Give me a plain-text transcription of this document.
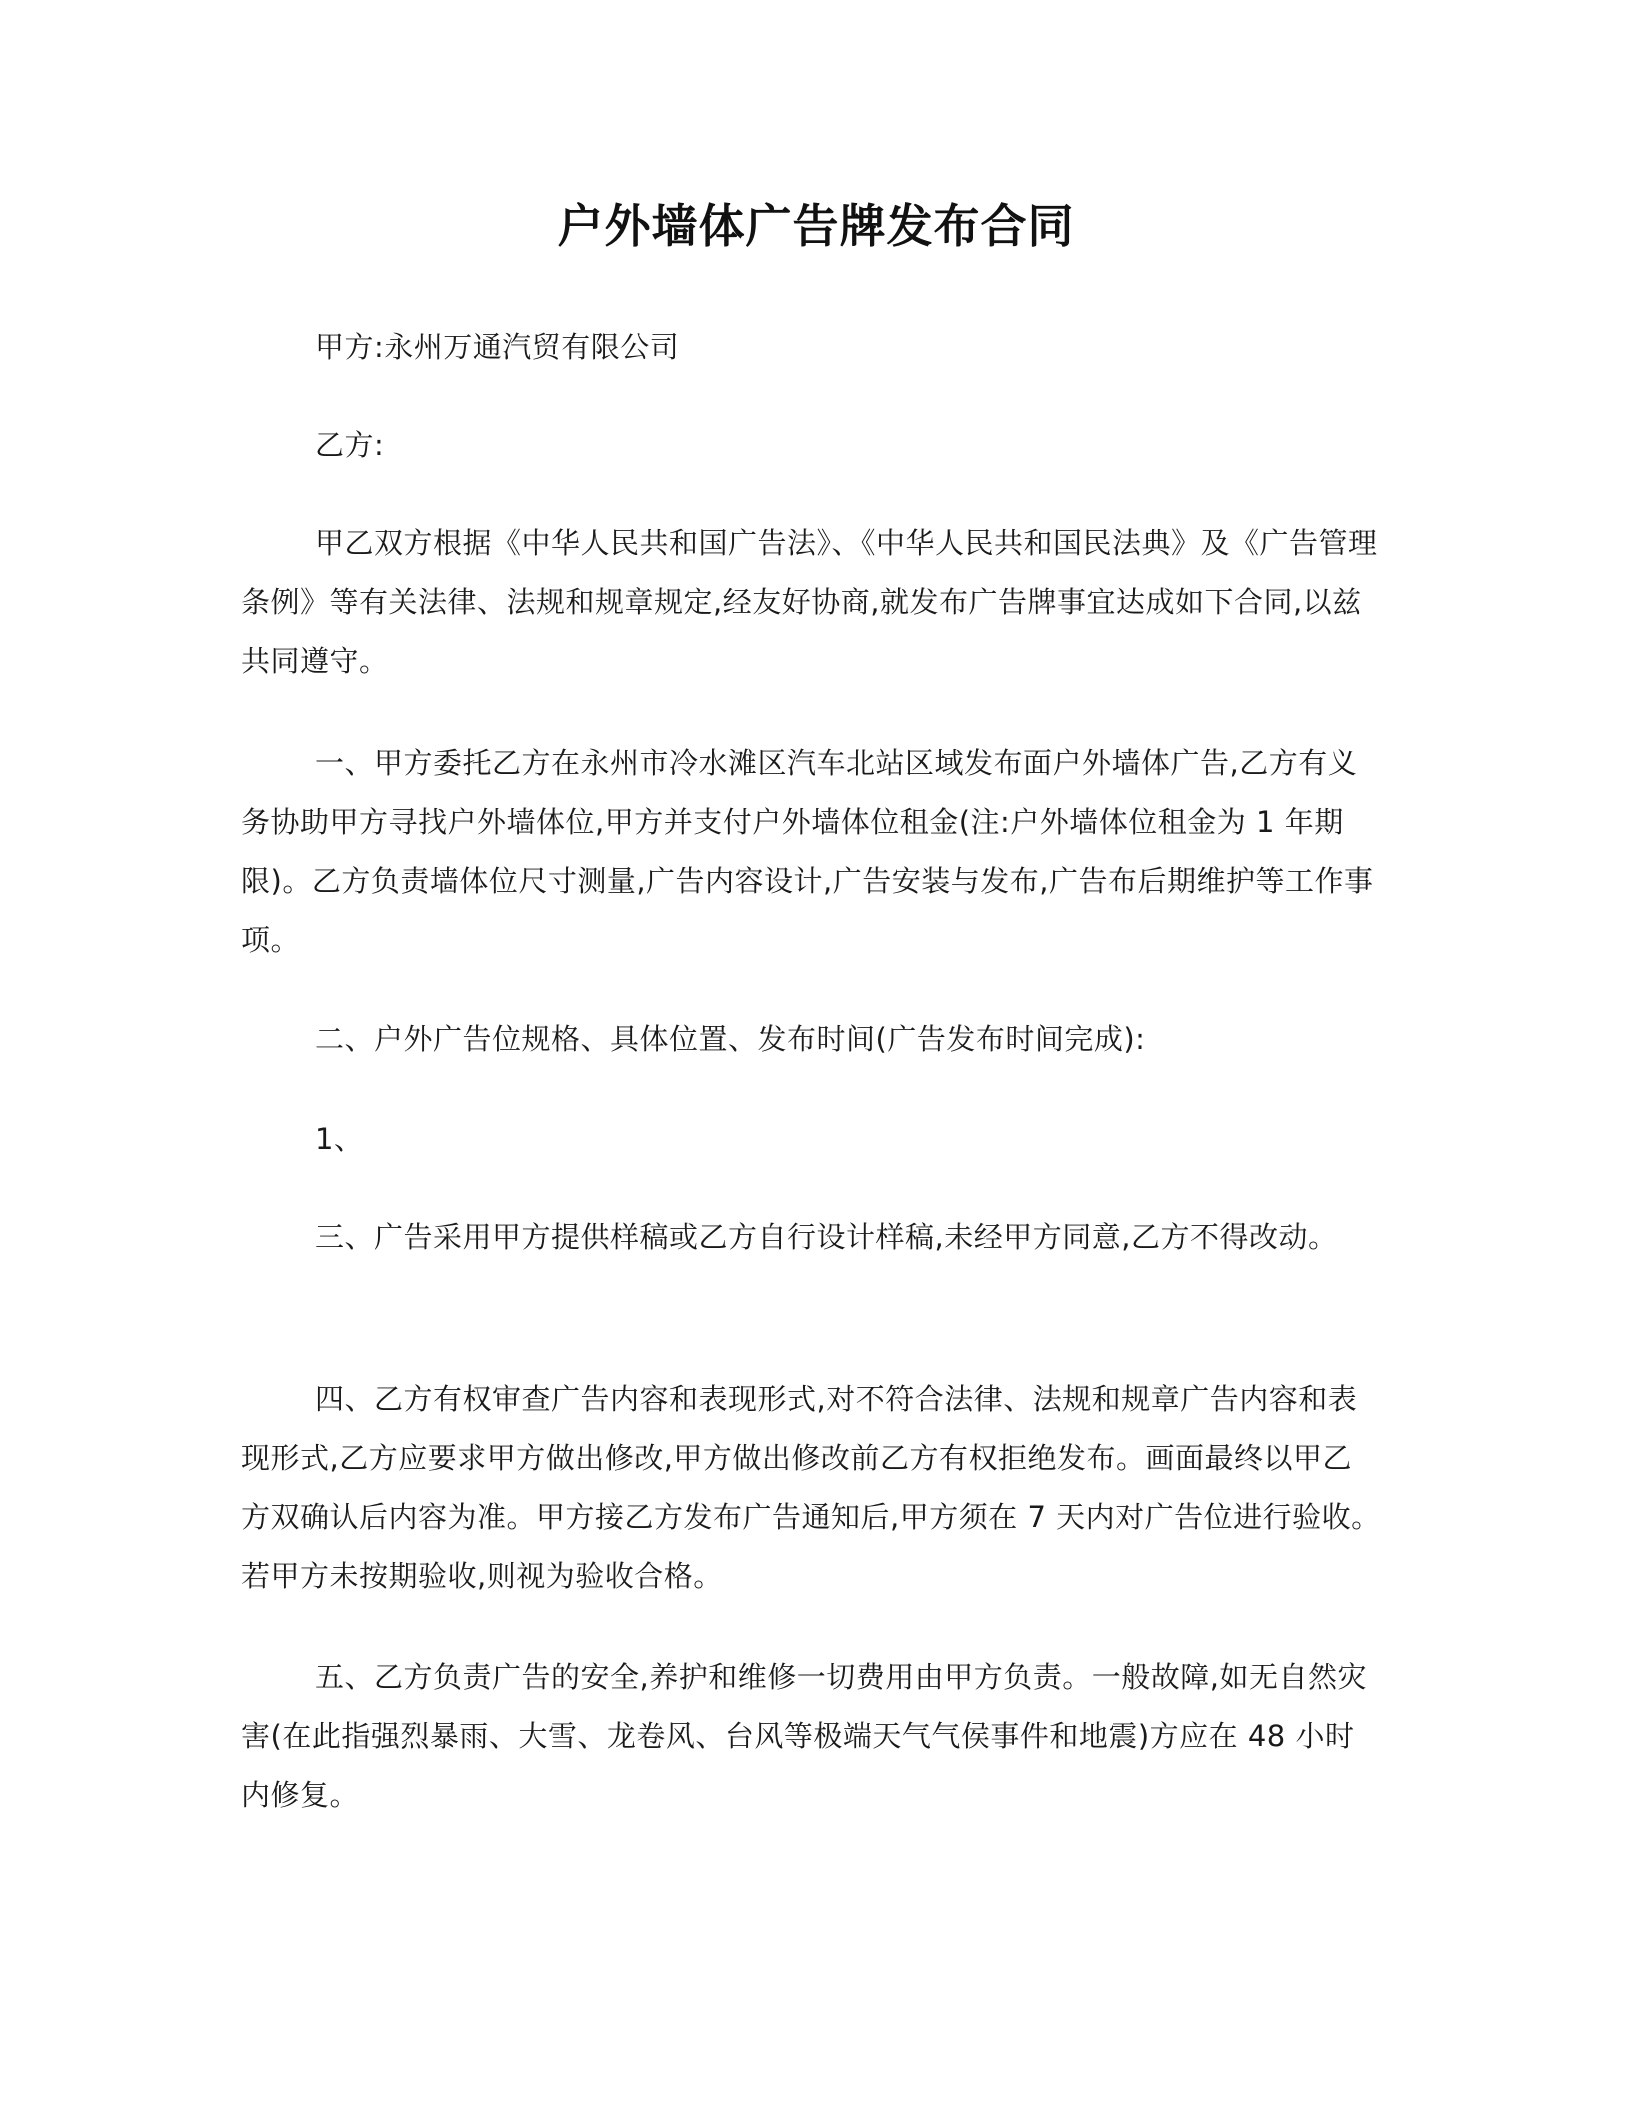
户外墙体广告牌发布合同

甲方:永州万通汽贸有限公司

乙方:

甲乙双方根据《中华人民共和国广告法》、《中华人民共和国民法典》及《广告管理条例》等有关法律、法规和规章规定,经友好协商,就发布广告牌事宜达成如下合同,以兹共同遵守。

一、甲方委托乙方在永州市冷水滩区汽车北站区域发布面户外墙体广告,乙方有义务协助甲方寻找户外墙体位,甲方并支付户外墙体位租金(注:户外墙体位租金为 1 年期限)。乙方负责墙体位尺寸测量,广告内容设计,广告安装与发布,广告布后期维护等工作事项。

二、户外广告位规格、具体位置、发布时间(广告发布时间完成):

1、

三、广告采用甲方提供样稿或乙方自行设计样稿,未经甲方同意,乙方不得改动。

四、乙方有权审查广告内容和表现形式,对不符合法律、法规和规章广告内容和表现形式,乙方应要求甲方做出修改,甲方做出修改前乙方有权拒绝发布。画面最终以甲乙方双确认后内容为准。甲方接乙方发布广告通知后,甲方须在 7 天内对广告位进行验收。若甲方未按期验收,则视为验收合格。

五、乙方负责广告的安全,养护和维修一切费用由甲方负责。一般故障,如无自然灾害(在此指强烈暴雨、大雪、龙卷风、台风等极端天气气侯事件和地震)方应在 48 小时内修复。
